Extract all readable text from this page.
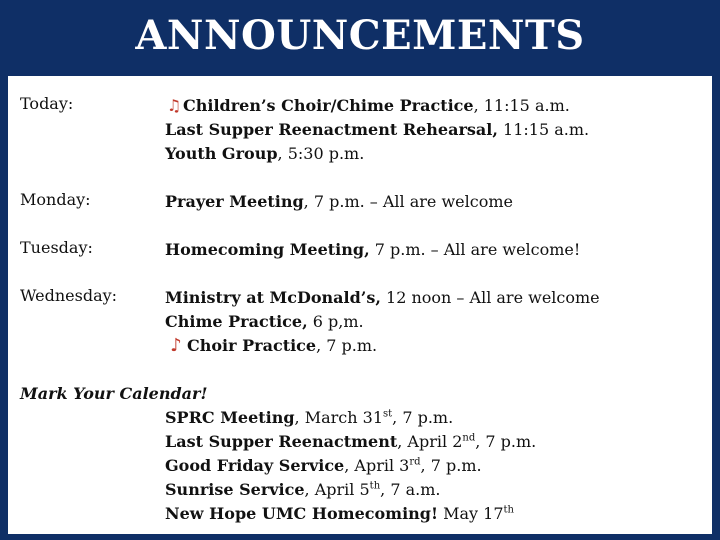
ANNOUNCEMENTS
Today:	♫ Children’s Choir/Chime Practice, 11:15 a.m.
Last Supper Reenactment Rehearsal, 11:15 a.m.
Youth Group, 5:30 p.m.
Monday:	Prayer Meeting, 7 p.m. – All are welcome
Tuesday:	Homecoming Meeting, 7 p.m. – All are welcome!
Wednesday:	Ministry at McDonald’s, 12 noon – All are welcome
Chime Practice, 6 p,m.
♪ Choir Practice, 7 p.m.
Mark Your Calendar!
SPRC Meeting, March 31st, 7 p.m.
Last Supper Reenactment, April 2nd, 7 p.m.
Good Friday Service, April 3rd, 7 p.m.
Sunrise Service, April 5th, 7 a.m.
New Hope UMC Homecoming! May 17th
